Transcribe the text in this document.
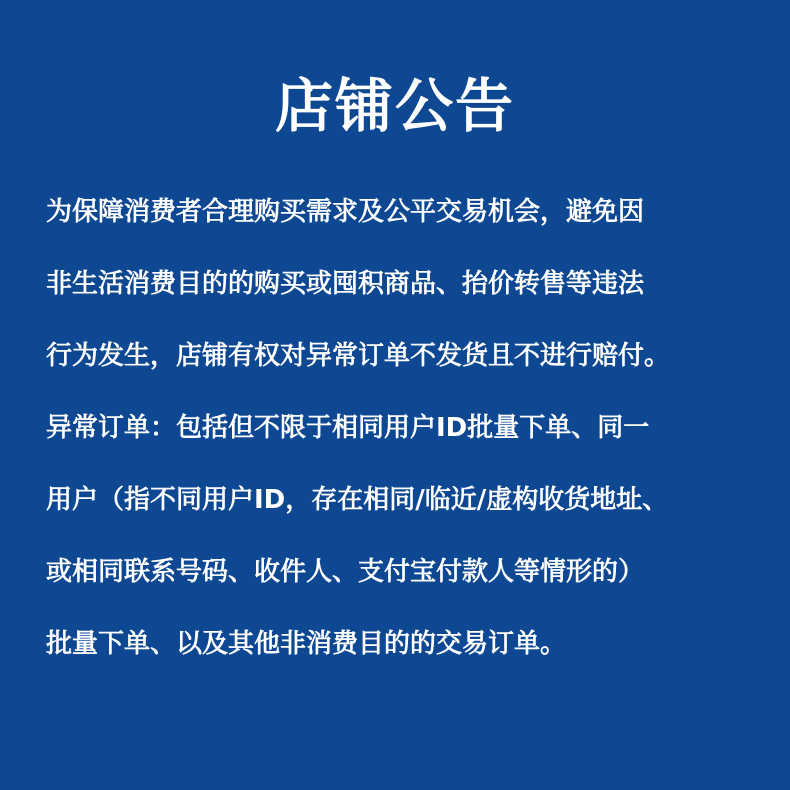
店铺公告
为保障消费者合理购买需求及公平交易机会，避免因
非生活消费目的的购买或囤积商品、抬价转售等违法
行为发生，店铺有权对异常订单不发货且不进行赔付。
异常订单：包括但不限于相同用户ID批量下单、同一
用户（指不同用户ID，存在相同/临近/虚构收货地址、
或相同联系号码、收件人、支付宝付款人等情形的）
批量下单、以及其他非消费目的的交易订单。
